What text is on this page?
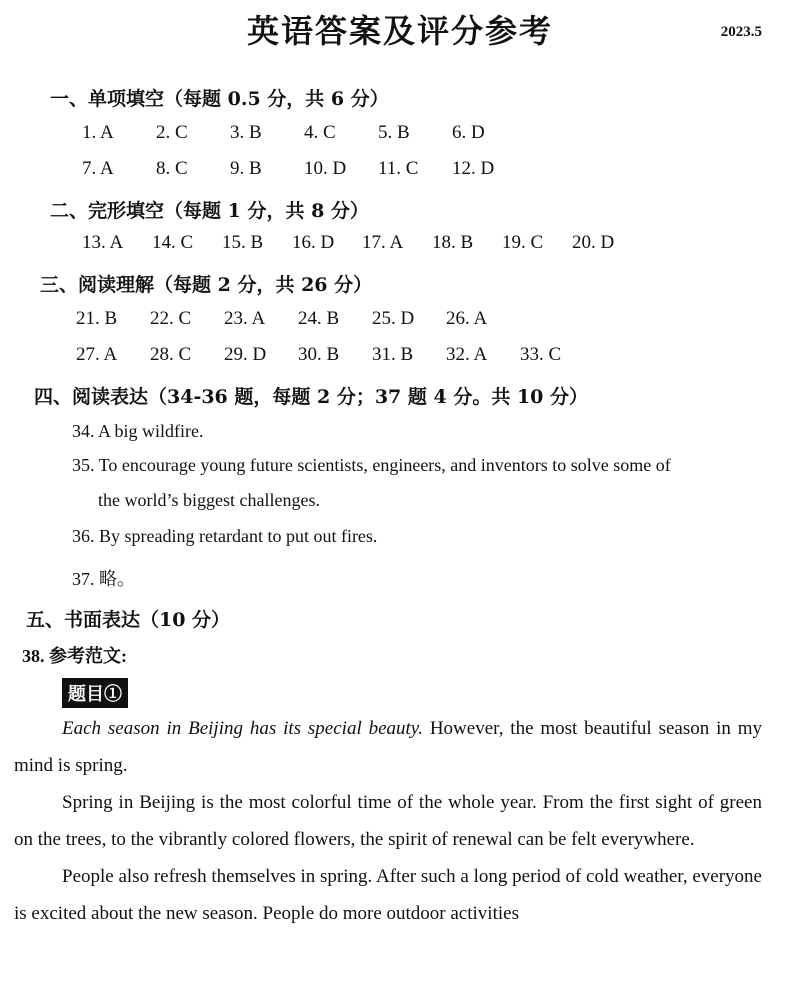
英语答案及评分参考	2023.5
一、单项填空（每题 0.5 分，共 6 分）
1. A	2. C	3. B	4. C	5. B	6. D
7. A	8. C	9. B	10. D	11. C	12. D
二、完形填空（每题 1 分，共 8 分）
13. A	14. C	15. B	16. D	17. A	18. B	19. C	20. D
三、阅读理解（每题 2 分，共 26 分）
21. B	22. C	23. A	24. B	25. D	26. A
27. A	28. C	29. D	30. B	31. B	32. A	33. C
四、阅读表达（34-36 题，每题 2 分；37 题 4 分。共 10 分）
34. A big wildfire.
35. To encourage young future scientists, engineers, and inventors to solve some of
the world’s biggest challenges.
36. By spreading retardant to put out fires.
37. 略。
五、书面表达（10 分）
38. 参考范文:
题目①

Each season in Beijing has its special beauty. However, the most beautiful season in my mind is spring.

Spring in Beijing is the most colorful time of the whole year. From the first sight of green on the trees, to the vibrantly colored flowers, the spirit of renewal can be felt everywhere.

People also refresh themselves in spring. After such a long period of cold weather, everyone is excited about the new season. People do more outdoor activities
